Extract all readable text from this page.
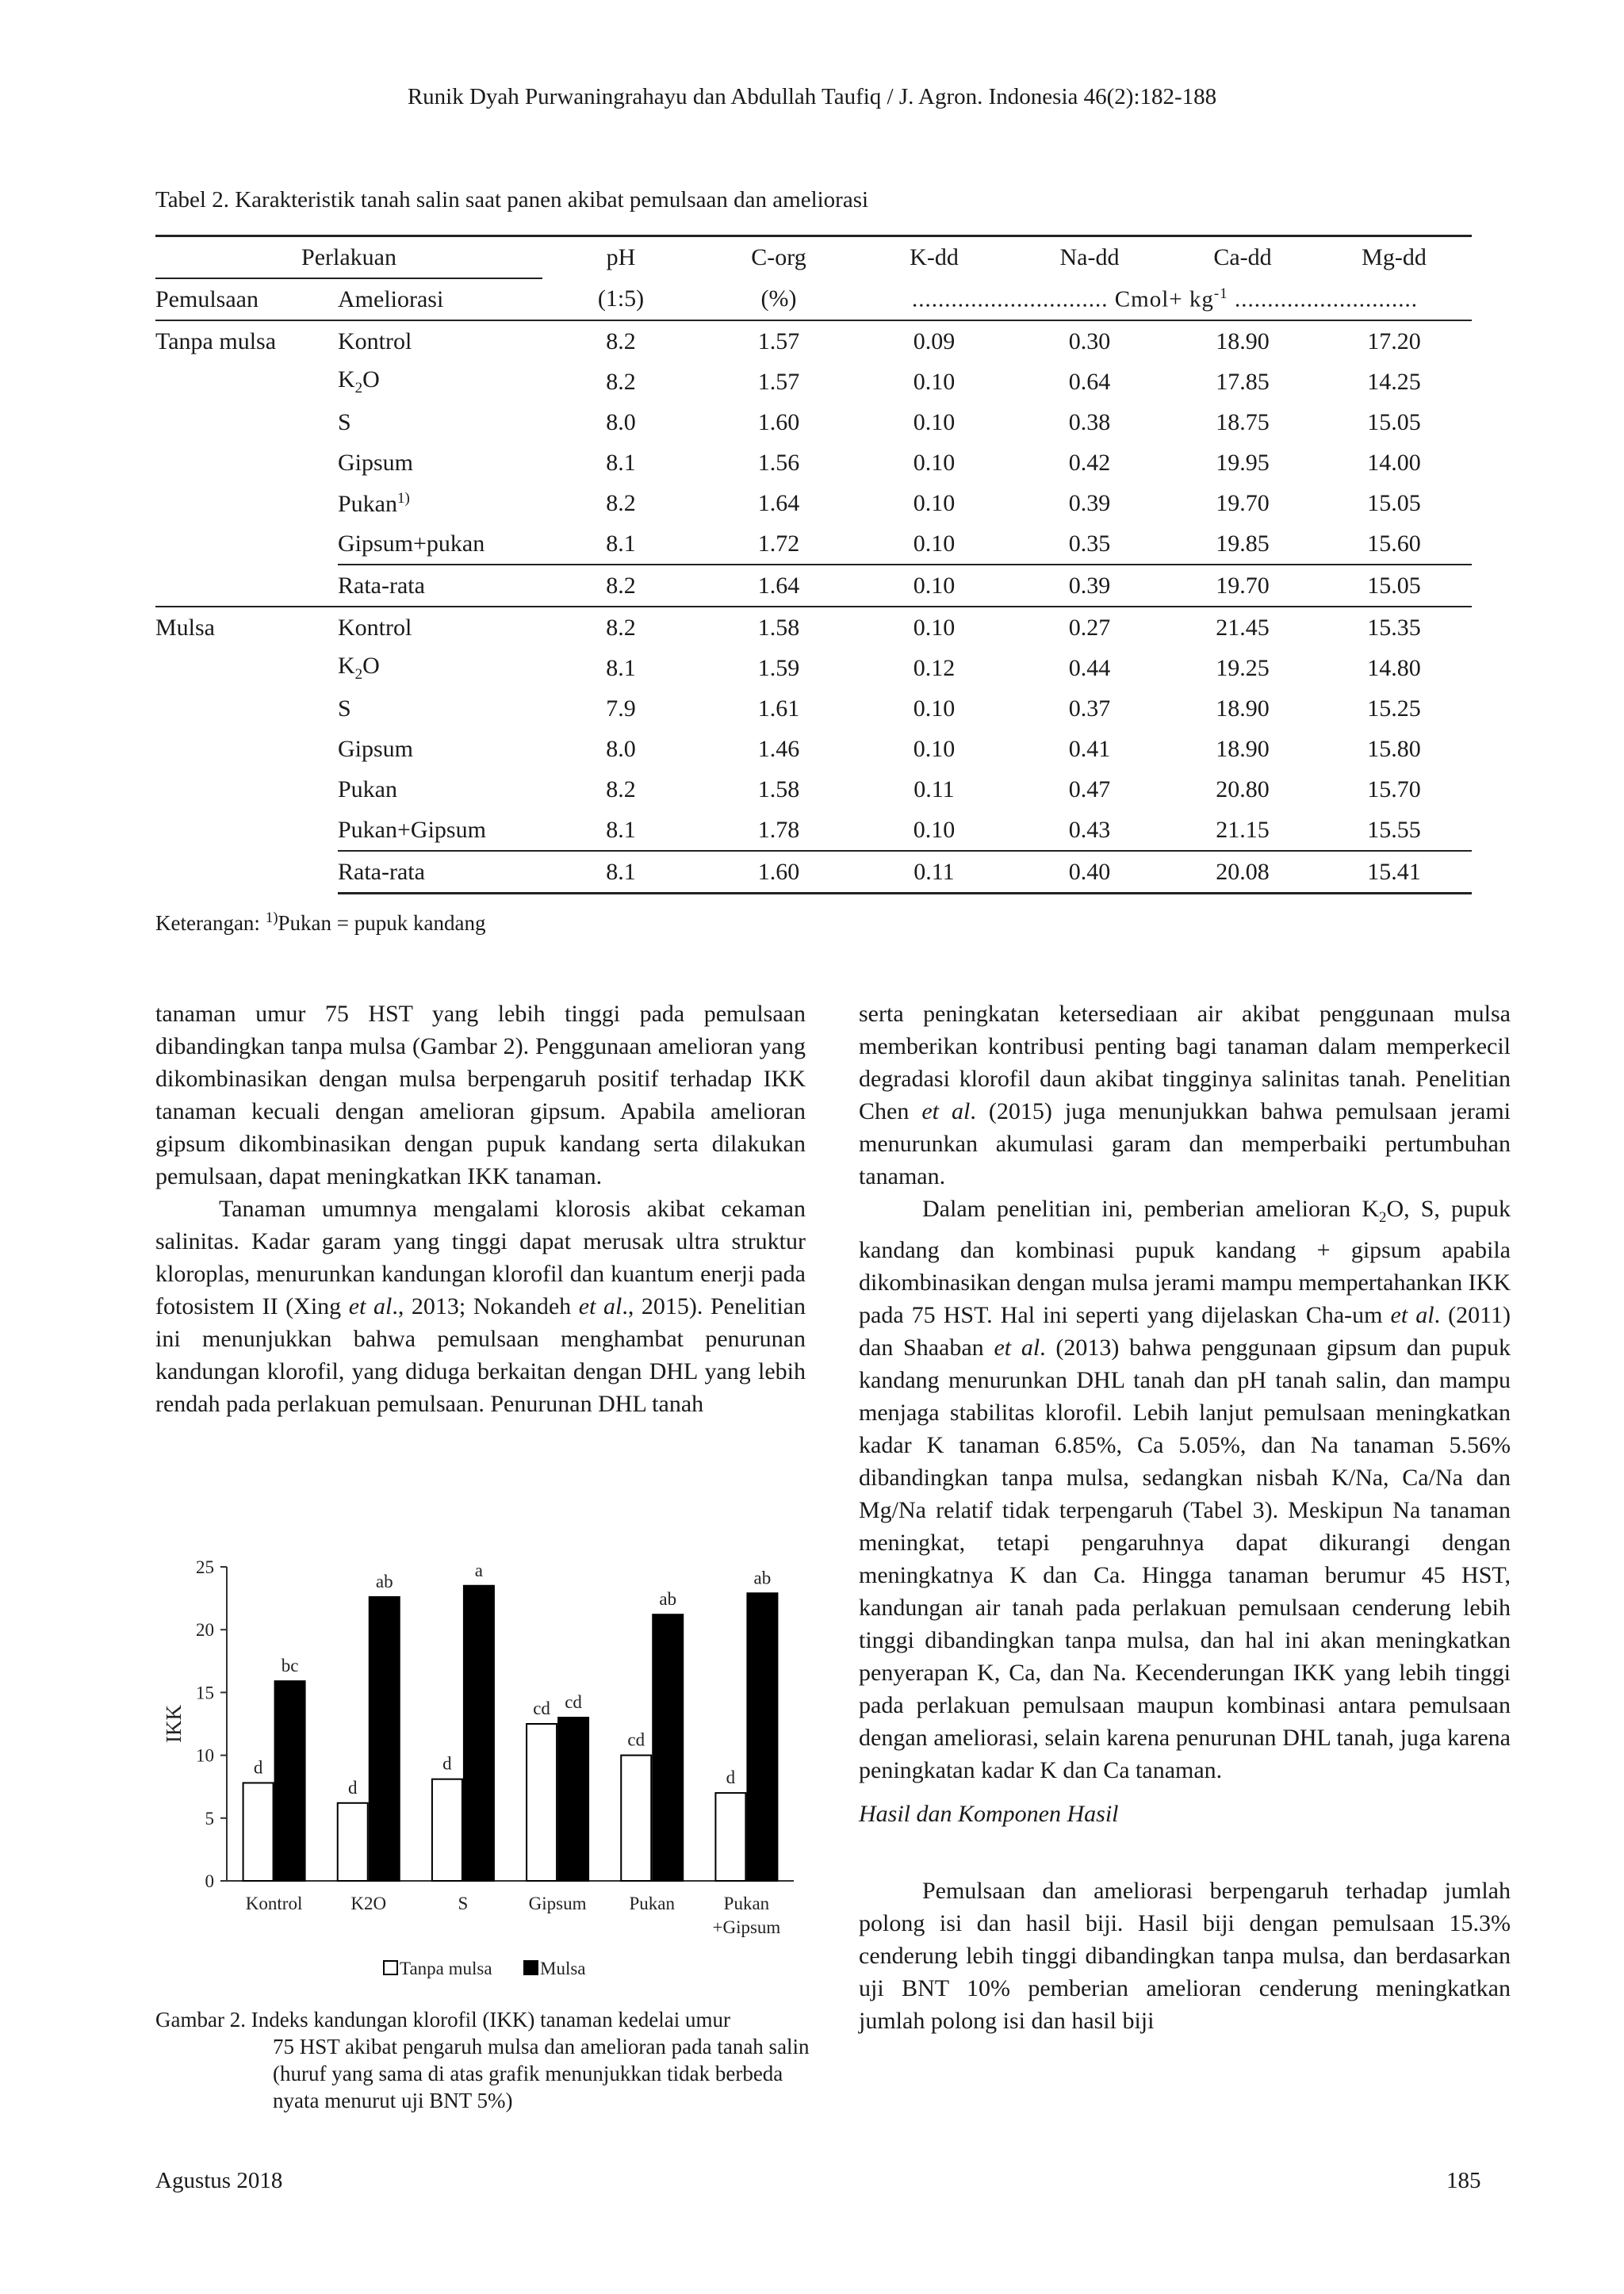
Runik Dyah Purwaningrahayu dan Abdullah Taufiq / J. Agron. Indonesia 46(2):182-188
Tabel 2. Karakteristik tanah salin saat panen akibat pemulsaan dan ameliorasi
Perlakuan		pH	C-org	K-dd	Na-dd	Ca-dd	Mg-dd
Pemulsaan	Ameliorasi	(1:5)	(%)	.............................. Cmol+ $kg^{-1}$ ............................			
Tanpa mulsa	Kontrol	8.2	1.57	0.09	0.30	18.90	17.20
	$K_2O$	8.2	1.57	0.10	0.64	17.85	14.25
	S	8.0	1.60	0.10	0.38	18.75	15.05
	Gipsum	8.1	1.56	0.10	0.42	19.95	14.00
	Pukan$^{1)}$	8.2	1.64	0.10	0.39	19.70	15.05
	Gipsum+pukan	8.1	1.72	0.10	0.35	19.85	15.60
	Rata-rata	8.2	1.64	0.10	0.39	19.70	15.05
Mulsa	Kontrol	8.2	1.58	0.10	0.27	21.45	15.35
	$K_2O$	8.1	1.59	0.12	0.44	19.25	14.80
	S	7.9	1.61	0.10	0.37	18.90	15.25
	Gipsum	8.0	1.46	0.10	0.41	18.90	15.80
	Pukan	8.2	1.58	0.11	0.47	20.80	15.70
	Pukan+Gipsum	8.1	1.78	0.10	0.43	21.15	15.55
	Rata-rata	8.1	1.60	0.11	0.40	20.08	15.41
Keterangan: $^{1)}$Pukan = pupuk kandang

tanaman umur 75 HST yang lebih tinggi pada pemulsaan dibandingkan tanpa mulsa (Gambar 2). Penggunaan amelioran yang dikombinasikan dengan mulsa berpengaruh positif terhadap IKK tanaman kecuali dengan amelioran gipsum. Apabila amelioran gipsum dikombinasikan dengan pupuk kandang serta dilakukan pemulsaan, dapat meningkatkan IKK tanaman.

Tanaman umumnya mengalami klorosis akibat cekaman salinitas. Kadar garam yang tinggi dapat merusak ultra struktur kloroplas, menurunkan kandungan klorofil dan kuantum enerji pada fotosistem II (Xing et al., 2013; Nokandeh et al., 2015). Penelitian ini menunjukkan bahwa pemulsaan menghambat penurunan kandungan klorofil, yang diduga berkaitan dengan DHL yang lebih rendah pada perlakuan pemulsaan. Penurunan DHL tanah

serta peningkatan ketersediaan air akibat penggunaan mulsa memberikan kontribusi penting bagi tanaman dalam memperkecil degradasi klorofil daun akibat tingginya salinitas tanah. Penelitian Chen et al. (2015) juga menunjukkan bahwa pemulsaan jerami menurunkan akumulasi garam dan memperbaiki pertumbuhan tanaman.

Dalam penelitian ini, pemberian amelioran $K_2O$, S, pupuk kandang dan kombinasi pupuk kandang + gipsum apabila dikombinasikan dengan mulsa jerami mampu mempertahankan IKK pada 75 HST. Hal ini seperti yang dijelaskan Cha-um et al. (2011) dan Shaaban et al. (2013) bahwa penggunaan gipsum dan pupuk kandang menurunkan DHL tanah dan pH tanah salin, dan mampu menjaga stabilitas klorofil. Lebih lanjut pemulsaan meningkatkan kadar K tanaman 6.85%, Ca 5.05%, dan Na tanaman 5.56% dibandingkan tanpa mulsa, sedangkan nisbah K/Na, Ca/Na dan Mg/Na relatif tidak terpengaruh (Tabel 3). Meskipun Na tanaman meningkat, tetapi pengaruhnya dapat dikurangi dengan meningkatnya K dan Ca. Hingga tanaman berumur 45 HST, kandungan air tanah pada perlakuan pemulsaan cenderung lebih tinggi dibandingkan tanpa mulsa, dan hal ini akan meningkatkan penyerapan K, Ca, dan Na. Kecenderungan IKK yang lebih tinggi pada perlakuan pemulsaan maupun kombinasi antara pemulsaan dengan ameliorasi, selain karena penurunan DHL tanah, juga karena peningkatan kadar K dan Ca tanaman.

Hasil dan Komponen Hasil

Pemulsaan dan ameliorasi berpengaruh terhadap jumlah polong isi dan hasil biji. Hasil biji dengan pemulsaan 15.3% cenderung lebih tinggi dibandingkan tanpa mulsa, dan berdasarkan uji BNT 10% pemberian amelioran cenderung meningkatkan jumlah polong isi dan hasil biji

0
5
10
15
20
25
IKK
d
bc
Kontrol
d
ab
K2O
d
a
S
cd cd
Gipsum
cd
ab
Pukan
d
ab
Pukan
+Gipsum
Tanpa mulsa	Mulsa
Gambar 2. Indeks kandungan klorofil (IKK) tanaman kedelai umur
75 HST akibat pengaruh mulsa dan amelioran pada tanah salin (huruf yang sama di atas grafik menunjukkan tidak berbeda nyata menurut uji BNT 5%)
Agustus 2018	185
